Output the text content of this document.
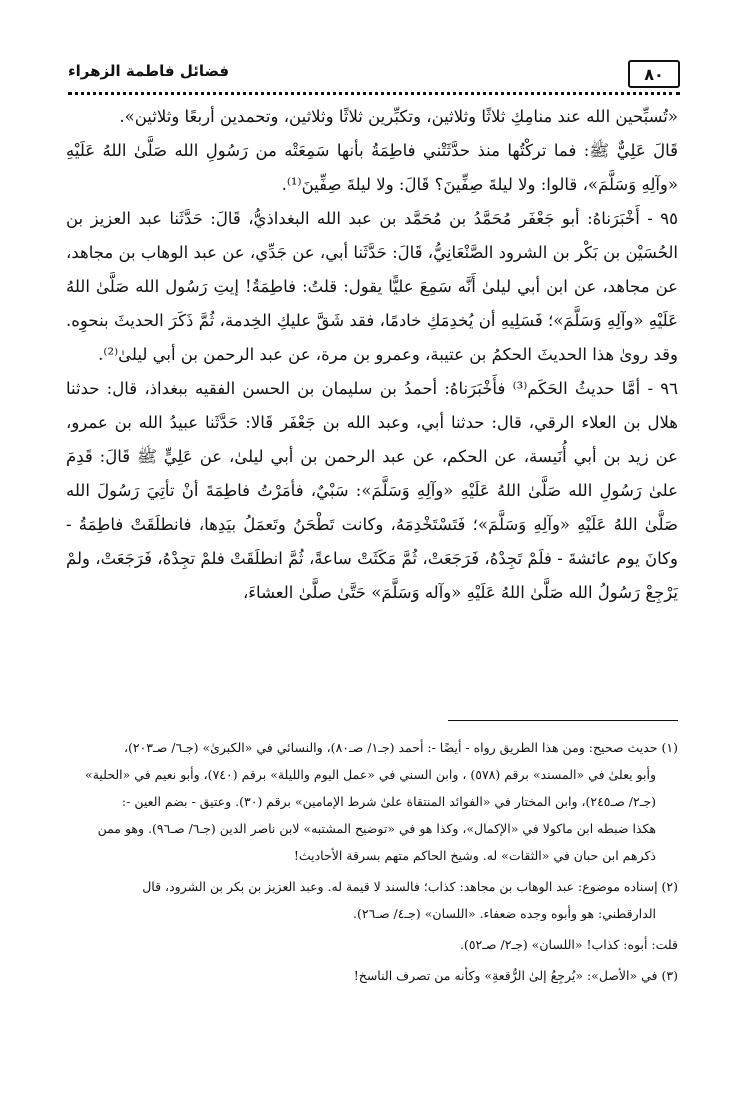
٨٠
فضائل فاطمة الزهراء

«تُسبِّحين الله عند منامِكِ ثلاثًا وثلاثين، وتكبِّرين ثلاثًا وثلاثين، وتحمدين أربعًا وثلاثين».

قَالَ عَلِيٌّ ﷺ: فما تركْتُها منذ حدَّثَتْني فاطِمَةُ بأنها سَمِعَتْه من رَسُولِ الله صَلَّىٰ اللهُ عَلَيْهِ «وآلِهِ وَسَلَّمَ»، قالوا: ولا ليلةَ صِفِّينَ؟ قَالَ: ولا ليلةَ صِفِّينَ⁽¹⁾.

٩٥ - أَخْبَرَناهُ: أبو جَعْفَر مُحَمَّدُ بن مُحَمَّد بن عبد الله البغداذيُّ، قَالَ: حَدَّثَنا عبد العزيز بن الحُسَيْن بن بَكْر بن الشرود الصَّنْعَانِيُّ، قَالَ: حَدَّثَنا أبي، عن جَدِّي، عن عبد الوهاب بن مجاهد، عن مجاهد، عن ابن أبي ليلىٰ أَنَّه سَمِعَ عليًّا يقول: قلتُ: فاطِمَةُ! إيتِ رَسُول الله صَلَّىٰ اللهُ عَلَيْهِ «وآلِهِ وَسَلَّمَ»؛ فَسَلِيهِ أن يُخدِمَكِ خادمًا، فقد شَقَّ عليكِ الخِدمة، ثُمَّ ذَكَرَ الحديثَ بنحوِه. وقد روىٰ هذا الحديثَ الحكمُ بن عتيبة، وعمرو بن مرة، عن عبد الرحمن بن أبي ليلىٰ⁽²⁾.

٩٦ - أمَّا حديثُ الحَكَم⁽³⁾ فأَخْبَرَناهُ: أحمدُ بن سليمان بن الحسن الفقيه ببغداذ، قال: حدثنا هلال بن العلاء الرقي، قال: حدثنا أبي، وعبد الله بن جَعْفَر قَالا: حَدَّثَنا عبيدُ الله بن عمرو، عن زيد بن أبي أُنَيسة، عن الحكم، عن عبد الرحمن بن أبي ليلىٰ، عن عَلِيٍّ ﷺ قَالَ: قَدِمَ علىٰ رَسُولِ الله صَلَّىٰ اللهُ عَلَيْهِ «وآلِهِ وَسَلَّمَ»: سَبْيٌ، فأمَرْتُ فاطِمَةَ أنْ تأتِيَ رَسُولَ الله صَلَّىٰ اللهُ عَلَيْهِ «وآلِهِ وَسَلَّمَ»؛ فَتَسْتَخْدِمَهُ، وكانت تَطْحَنُ وتَعمَلُ بيَدِها، فانطلَقَتْ فاطِمَةُ - وكانَ يوم عائشةَ - فلَمْ تَجِدْهُ، فَرَجَعَتْ، ثُمَّ مَكَثَتْ ساعةً، ثُمَّ انطلَقَتْ فلمْ تجِدْهُ، فَرَجَعَتْ، ولمْ يَرْجِعْ رَسُولُ الله صَلَّىٰ اللهُ عَلَيْهِ «وآله وَسَلَّمَ» حَتَّىٰ صلَّىٰ العشاءَ،

(١) حديث صحيح: ومن هذا الطريق رواه - أيضًا -: أحمد (جـ١/ صـ٨٠)، والنسائي في «الكبرىٰ» (جـ٦/ صـ٢٠٣)،

وأبو يعلىٰ في «المسند» برقم (٥٧٨) ، وابن السني في «عمل اليوم والليلة» برقم (٧٤٠)، وأبو نعيم في «الحلية»

(جـ٢/ صـ٢٤٥)، وابن المختار في «الفوائد المنتقاة علىٰ شرط الإمامين» برقم (٣٠). وعتيق - بضم العين -:

هكذا ضبطه ابن ماكولا في «الإكمال»، وكذا هو في «توضيح المشتبه» لابن ناصر الدين (جـ٦/ صـ٩٦). وهو ممن

ذكرهم ابن حبان في «الثقات» له. وشيخ الحاكم متهم بسرقة الأحاديث!

(٢) إسناده موضوع: عبد الوهاب بن مجاهد: كذاب؛ فالسند لا قيمة له. وعبد العزيز بن بكر بن الشرود، قال

الدارقطني: هو وأبوه وجده ضعفاء. «اللسان» (جـ٤/ صـ٢٦).

قلت: أبوه: كذاب! «اللسان» (جـ٢/ صـ٥٢).

(٣) في «الأصل»: «يُرجِعُ إلىٰ الرُّقعةِ» وكأنه من تصرف الناسخ!
